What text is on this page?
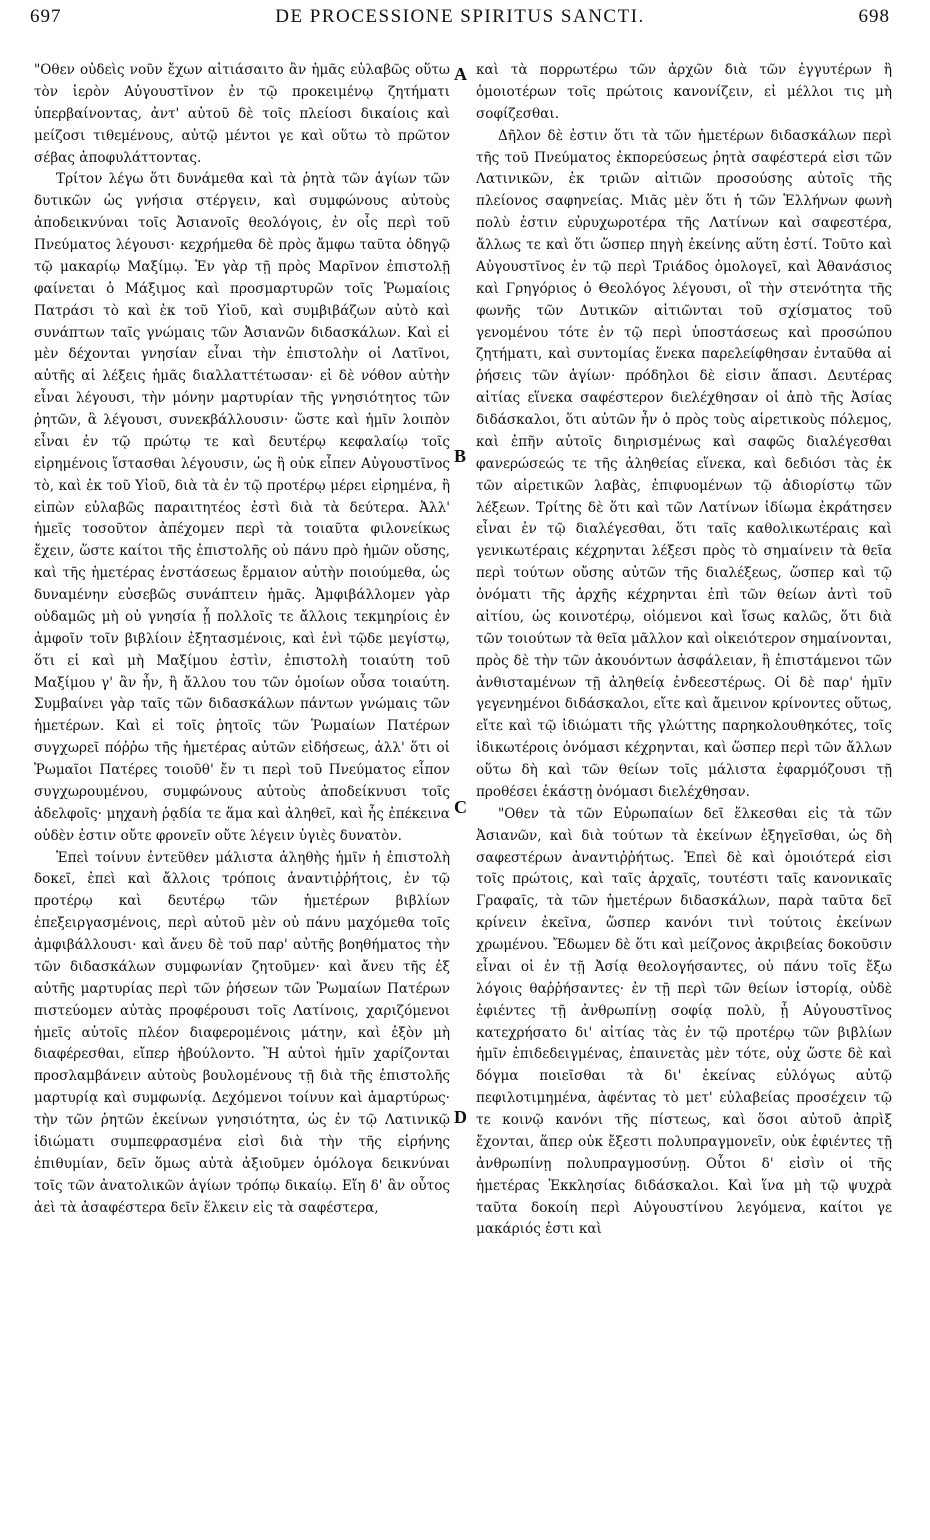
697	DE PROCESSIONE SPIRITUS SANCTI.	698

"Οθεν οὐδεὶς νοῦν ἔχων αἰτιάσαιτο ἂν ἡμᾶς εὐλαβῶς οὕτω τὸν ἱερὸν Αὐγουστῖνον ἐν τῷ προκειμένῳ ζητήματι ὑπερβαίνοντας, ἀντ' αὐτοῦ δὲ τοῖς πλείοσι δικαίοις καὶ μείζοσι τιθεμένους, αὐτῷ μέντοι γε καὶ οὕτω τὸ πρῶτον σέβας ἀποφυλάττοντας.

Τρίτον λέγω ὅτι δυνάμεθα καὶ τὰ ῥητὰ τῶν ἁγίων τῶν δυτικῶν ὡς γνήσια στέργειν, καὶ συμφώνους αὐτοὺς ἀποδεικνύναι τοῖς Ἀσιανοῖς θεολόγοις, ἐν οἷς περὶ τοῦ Πνεύματος λέγουσι· κεχρήμεθα δὲ πρὸς ἄμφω ταῦτα ὁδηγῷ τῷ μακαρίῳ Μαξίμῳ. Ἐν γὰρ τῇ πρὸς Μαρῖνον ἐπιστολῇ φαίνεται ὁ Μάξιμος καὶ προσμαρτυρῶν τοῖς Ῥωμαίοις Πατράσι τὸ καὶ ἐκ τοῦ Υἱοῦ, καὶ συμβιβάζων αὐτὸ καὶ συνάπτων ταῖς γνώμαις τῶν Ἀσιανῶν διδασκάλων. Καὶ εἰ μὲν δέχονται γνησίαν εἶναι τὴν ἐπιστολὴν οἱ Λατῖνοι, αὐτῆς αἱ λέξεις ἡμᾶς διαλλαττέτωσαν· εἰ δὲ νόθον αὐτὴν εἶναι λέγουσι, τὴν μόνην μαρτυρίαν τῆς γνησιότητος τῶν ῥητῶν, ἃ λέγουσι, συνεκβάλλουσιν· ὥστε καὶ ἡμῖν λοιπὸν εἶναι ἐν τῷ πρώτῳ τε καὶ δευτέρῳ κεφαλαίῳ τοῖς εἰρημένοις ἵστασθαι λέγουσιν, ὡς ἢ οὐκ εἶπεν Αὐγουστῖνος τὸ, καὶ ἐκ τοῦ Υἱοῦ, διὰ τὰ ἐν τῷ προτέρῳ μέρει εἰρημένα, ἢ εἰπὼν εὐλαβῶς παραιτητέος ἐστὶ διὰ τὰ δεύτερα. Ἀλλ' ἡμεῖς τοσοῦτον ἀπέχομεν περὶ τὰ τοιαῦτα φιλονείκως ἔχειν, ὥστε καίτοι τῆς ἐπιστολῆς οὐ πάνυ πρὸ ἡμῶν οὔσης, καὶ τῆς ἡμετέρας ἐνστάσεως ἔρμαιον αὐτὴν ποιούμεθα, ὡς δυναμένην εὐσεβῶς συνάπτειν ἡμᾶς. Ἀμφιβάλλομεν γὰρ οὐδαμῶς μὴ οὐ γνησία ᾖ πολλοῖς τε ἄλλοις τεκμηρίοις ἐν ἀμφοῖν τοῖν βιβλίοιν ἐξητασμένοις, καὶ ἑνὶ τῷδε μεγίστῳ, ὅτι εἰ καὶ μὴ Μαξίμου ἐστὶν, ἐπιστολὴ τοιαύτη τοῦ Μαξίμου γ' ἂν ἦν, ἢ ἄλλου του τῶν ὁμοίων οὖσα τοιαύτη. Συμβαίνει γὰρ ταῖς τῶν διδασκάλων πάντων γνώμαις τῶν ἡμετέρων. Καὶ εἰ τοῖς ῥητοῖς τῶν Ῥωμαίων Πατέρων συγχωρεῖ πόῤῥω τῆς ἡμετέρας αὐτῶν εἰδήσεως, ἀλλ' ὅτι οἱ Ῥωμαῖοι Πατέρες τοιοῦθ' ἔν τι περὶ τοῦ Πνεύματος εἶπον συγχωρουμένου, συμφώνους αὐτοὺς ἀποδείκνυσι τοῖς ἀδελφοῖς· μηχανὴ ῥᾳδία τε ἅμα καὶ ἀληθεῖ, καὶ ἧς ἐπέκεινα οὐδὲν ἐστιν οὔτε φρονεῖν οὔτε λέγειν ὑγιὲς δυνατὸν.

Ἐπεὶ τοίνυν ἐντεῦθεν μάλιστα ἀληθὴς ἡμῖν ἡ ἐπιστολὴ δοκεῖ, ἐπεὶ καὶ ἄλλοις τρόποις ἀναντιῤῥήτοις, ἐν τῷ προτέρῳ καὶ δευτέρῳ τῶν ἡμετέρων βιβλίων ἐπεξειργασμένοις, περὶ αὐτοῦ μὲν οὐ πάνυ μαχόμεθα τοῖς ἀμφιβάλλουσι· καὶ ἄνευ δὲ τοῦ παρ' αὐτῆς βοηθήματος τὴν τῶν διδασκάλων συμφωνίαν ζητοῦμεν· καὶ ἄνευ τῆς ἐξ αὐτῆς μαρτυρίας περὶ τῶν ῥήσεων τῶν Ῥωμαίων Πατέρων πιστεύομεν αὐτὰς προφέρουσι τοῖς Λατίνοις, χαριζόμενοι ἡμεῖς αὐτοῖς πλέον διαφερομένοις μάτην, καὶ ἐξὸν μὴ διαφέρεσθαι, εἴπερ ἠβούλοντο. Ἢ αὐτοὶ ἡμῖν χαρίζονται προσλαμβάνειν αὐτοὺς βουλομένους τῇ διὰ τῆς ἐπιστολῆς μαρτυρίᾳ καὶ συμφωνίᾳ. Δεχόμενοι τοίνυν καὶ ἀμαρτύρως· τὴν τῶν ῥητῶν ἐκείνων γνησιότητα, ὡς ἐν τῷ Λατινικῷ ἰδιώματι συμπεφρασμένα εἰσὶ διὰ τὴν τῆς εἰρήνης ἐπιθυμίαν, δεῖν ὅμως αὐτὰ ἀξιοῦμεν ὁμόλογα δεικνύναι τοῖς τῶν ἀνατολικῶν ἁγίων τρόπῳ δικαίῳ. Εἴη δ' ἂν οὗτος ἀεὶ τὰ ἀσαφέστερα δεῖν ἕλκειν εἰς τὰ σαφέστερα,

A
B
C
D

καὶ τὰ πορρωτέρω τῶν ἀρχῶν διὰ τῶν ἐγγυτέρων ἢ ὁμοιοτέρων τοῖς πρώτοις κανονίζειν, εἰ μέλλοι τις μὴ σοφίζεσθαι.

Δῆλον δὲ ἐστιν ὅτι τὰ τῶν ἡμετέρων διδασκάλων περὶ τῆς τοῦ Πνεύματος ἐκπορεύσεως ῥητὰ σαφέστερά εἰσι τῶν Λατινικῶν, ἐκ τριῶν αἰτιῶν προσούσης αὐτοῖς τῆς πλείονος σαφηνείας. Μιᾶς μὲν ὅτι ἡ τῶν Ἑλλήνων φωνὴ πολὺ ἐστιν εὐρυχωροτέρα τῆς Λατίνων καὶ σαφεστέρα, ἄλλως τε καὶ ὅτι ὥσπερ πηγὴ ἐκείνης αὕτη ἐστί. Τοῦτο καὶ Αὐγουστῖνος ἐν τῷ περὶ Τριάδος ὁμολογεῖ, καὶ Ἀθανάσιος καὶ Γρηγόριος ὁ Θεολόγος λέγουσι, οἳ τὴν στενότητα τῆς φωνῆς τῶν Δυτικῶν αἰτιῶνται τοῦ σχίσματος τοῦ γενομένου τότε ἐν τῷ περὶ ὑποστάσεως καὶ προσώπου ζητήματι, καὶ συντομίας ἕνεκα παρελείφθησαν ἐνταῦθα αἱ ῥήσεις τῶν ἁγίων· πρόδηλοι δὲ εἰσιν ἅπασι. Δευτέρας αἰτίας εἵνεκα σαφέστερον διελέχθησαν οἱ ἀπὸ τῆς Ἀσίας διδάσκαλοι, ὅτι αὐτῶν ἦν ὁ πρὸς τοὺς αἱρετικοὺς πόλεμος, καὶ ἐπῆν αὐτοῖς διηρισμένως καὶ σαφῶς διαλέγεσθαι φανερώσεώς τε τῆς ἀληθείας εἵνεκα, καὶ δεδιόσι τὰς ἐκ τῶν αἱρετικῶν λαβὰς, ἐπιφυομένων τῷ ἀδιορίστῳ τῶν λέξεων. Τρίτης δὲ ὅτι καὶ τῶν Λατίνων ἰδίωμα ἐκράτησεν εἶναι ἐν τῷ διαλέγεσθαι, ὅτι ταῖς καθολικωτέραις καὶ γενικωτέραις κέχρηνται λέξεσι πρὸς τὸ σημαίνειν τὰ θεῖα περὶ τούτων οὔσης αὐτῶν τῆς διαλέξεως, ὥσπερ καὶ τῷ ὀνόματι τῆς ἀρχῆς κέχρηνται ἐπὶ τῶν θείων ἀντὶ τοῦ αἰτίου, ὡς κοινοτέρῳ, οἰόμενοι καὶ ἴσως καλῶς, ὅτι διὰ τῶν τοιούτων τὰ θεῖα μᾶλλον καὶ οἰκειότερον σημαίνονται, πρὸς δὲ τὴν τῶν ἀκουόντων ἀσφάλειαν, ἢ ἐπιστάμενοι τῶν ἀνθισταμένων τῇ ἀληθείᾳ ἐνδεεστέρως. Οἱ δὲ παρ' ἡμῖν γεγενημένοι διδάσκαλοι, εἴτε καὶ ἄμεινον κρίνοντες οὕτως, εἴτε καὶ τῷ ἰδιώματι τῆς γλώττης παρηκολουθηκότες, τοῖς ἰδικωτέροις ὀνόμασι κέχρηνται, καὶ ὥσπερ περὶ τῶν ἄλλων οὕτω δὴ καὶ τῶν θείων τοῖς μάλιστα ἐφαρμόζουσι τῇ προθέσει ἑκάστῃ ὀνόμασι διελέχθησαν.

"Οθεν τὰ τῶν Εὐρωπαίων δεῖ ἕλκεσθαι εἰς τὰ τῶν Ἀσιανῶν, καὶ διὰ τούτων τὰ ἐκείνων ἐξηγεῖσθαι, ὡς δὴ σαφεστέρων ἀναντιῤῥήτως. Ἐπεὶ δὲ καὶ ὁμοιότερά εἰσι τοῖς πρώτοις, καὶ ταῖς ἀρχαῖς, τουτέστι ταῖς κανονικαῖς Γραφαῖς, τὰ τῶν ἡμετέρων διδασκάλων, παρὰ ταῦτα δεῖ κρίνειν ἐκεῖνα, ὥσπερ κανόνι τινὶ τούτοις ἐκείνων χρωμένου. Ἔδωμεν δὲ ὅτι καὶ μείζονος ἀκριβείας δοκοῦσιν εἶναι οἱ ἐν τῇ Ἀσίᾳ θεολογήσαντες, οὐ πάνυ τοῖς ἔξω λόγοις θαῤῥήσαντες· ἐν τῇ περὶ τῶν θείων ἱστορίᾳ, οὐδὲ ἐφιέντες τῇ ἀνθρωπίνῃ σοφίᾳ πολὺ, ᾗ Αὐγουστῖνος κατεχρήσατο δι' αἰτίας τὰς ἐν τῷ προτέρῳ τῶν βιβλίων ἡμῖν ἐπιδεδειγμένας, ἐπαινετὰς μὲν τότε, οὐχ ὥστε δὲ καὶ δόγμα ποιεῖσθαι τὰ δι' ἐκείνας εὐλόγως αὐτῷ πεφιλοτιμημένα, ἀφέντας τὸ μετ' εὐλαβείας προσέχειν τῷ τε κοινῷ κανόνι τῆς πίστεως, καὶ ὅσοι αὐτοῦ ἀπρὶξ ἔχονται, ἅπερ οὐκ ἔξεστι πολυπραγμονεῖν, οὐκ ἐφιέντες τῇ ἀνθρωπίνῃ πολυπραγμοσύνῃ. Οὗτοι δ' εἰσὶν οἱ τῆς ἡμετέρας Ἐκκλησίας διδάσκαλοι. Καὶ ἵνα μὴ τῷ ψυχρὰ ταῦτα δοκοίη περὶ Αὐγουστίνου λεγόμενα, καίτοι γε μακάριός ἐστι καὶ
